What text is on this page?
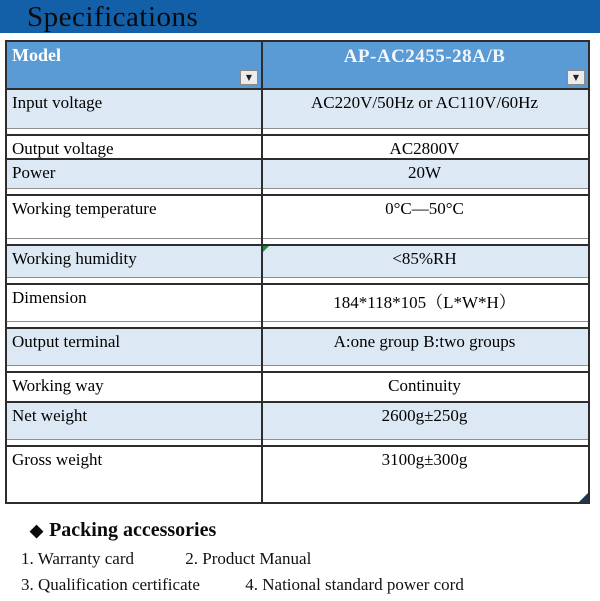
Specifications
Model	AP-AC2455-28A/B
▼	▼
Input voltage	AC220V/50Hz or AC110V/60Hz
Output voltage	AC2800V
Power	20W
Working temperature	0°C—50°C
Working humidity	<85%RH
Dimension	184*118*105（L*W*H）
Output terminal	A:one group B:two groups
Working way	Continuity
Net weight	2600g±250g
Gross weight	3100g±300g
◆ Packing accessories
1. Warranty card	2. Product Manual
3. Qualification certificate	4. National standard power cord
